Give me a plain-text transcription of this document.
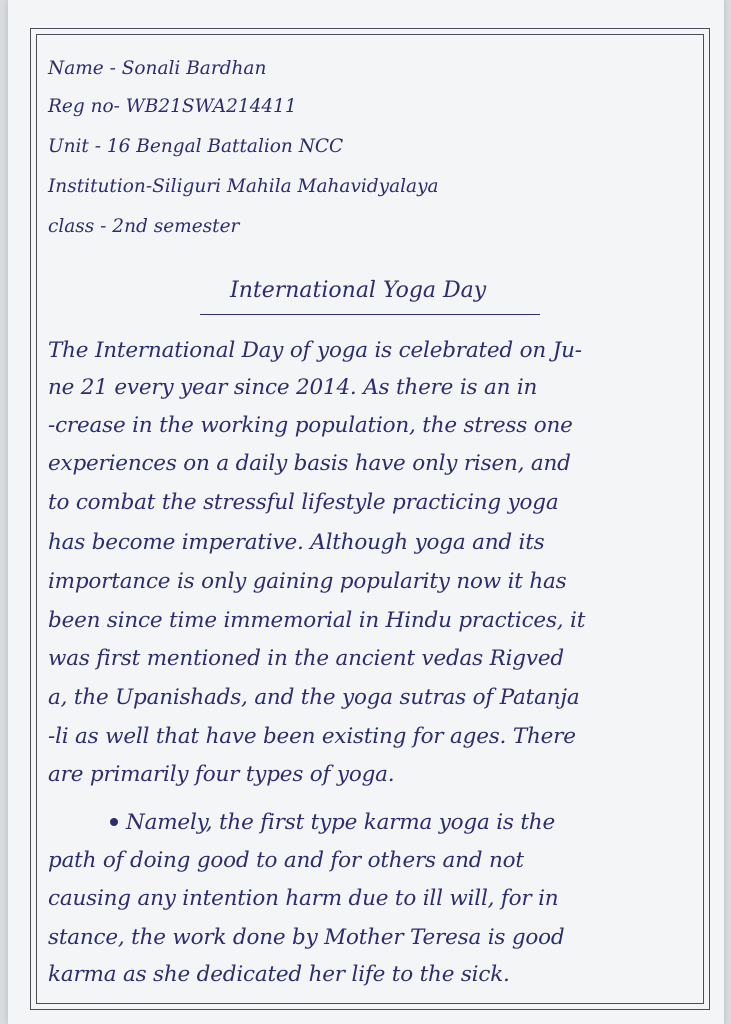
Name - Sonali Bardhan
Reg no- WB21SWA214411
Unit - 16 Bengal Battalion NCC
Institution-Siliguri Mahila Mahavidyalaya
class - 2nd semester
International Yoga Day
The International Day of yoga is celebrated on Ju-
ne 21 every year since 2014. As there is an in
-crease in the working population, the stress one
experiences on a daily basis have only risen, and
to combat the stressful lifestyle practicing yoga
has become imperative. Although yoga and its
importance is only gaining popularity now it has
been since time immemorial in Hindu practices, it
was first mentioned in the ancient vedas Rigved
a, the Upanishads, and the yoga sutras of Patanja
-li as well that have been existing for ages. There
are primarily four types of yoga.
Namely, the first type karma yoga is the
path of doing good to and for others and not
causing any intention harm due to ill will, for in
stance, the work done by Mother Teresa is good
karma as she dedicated her life to the sick.
